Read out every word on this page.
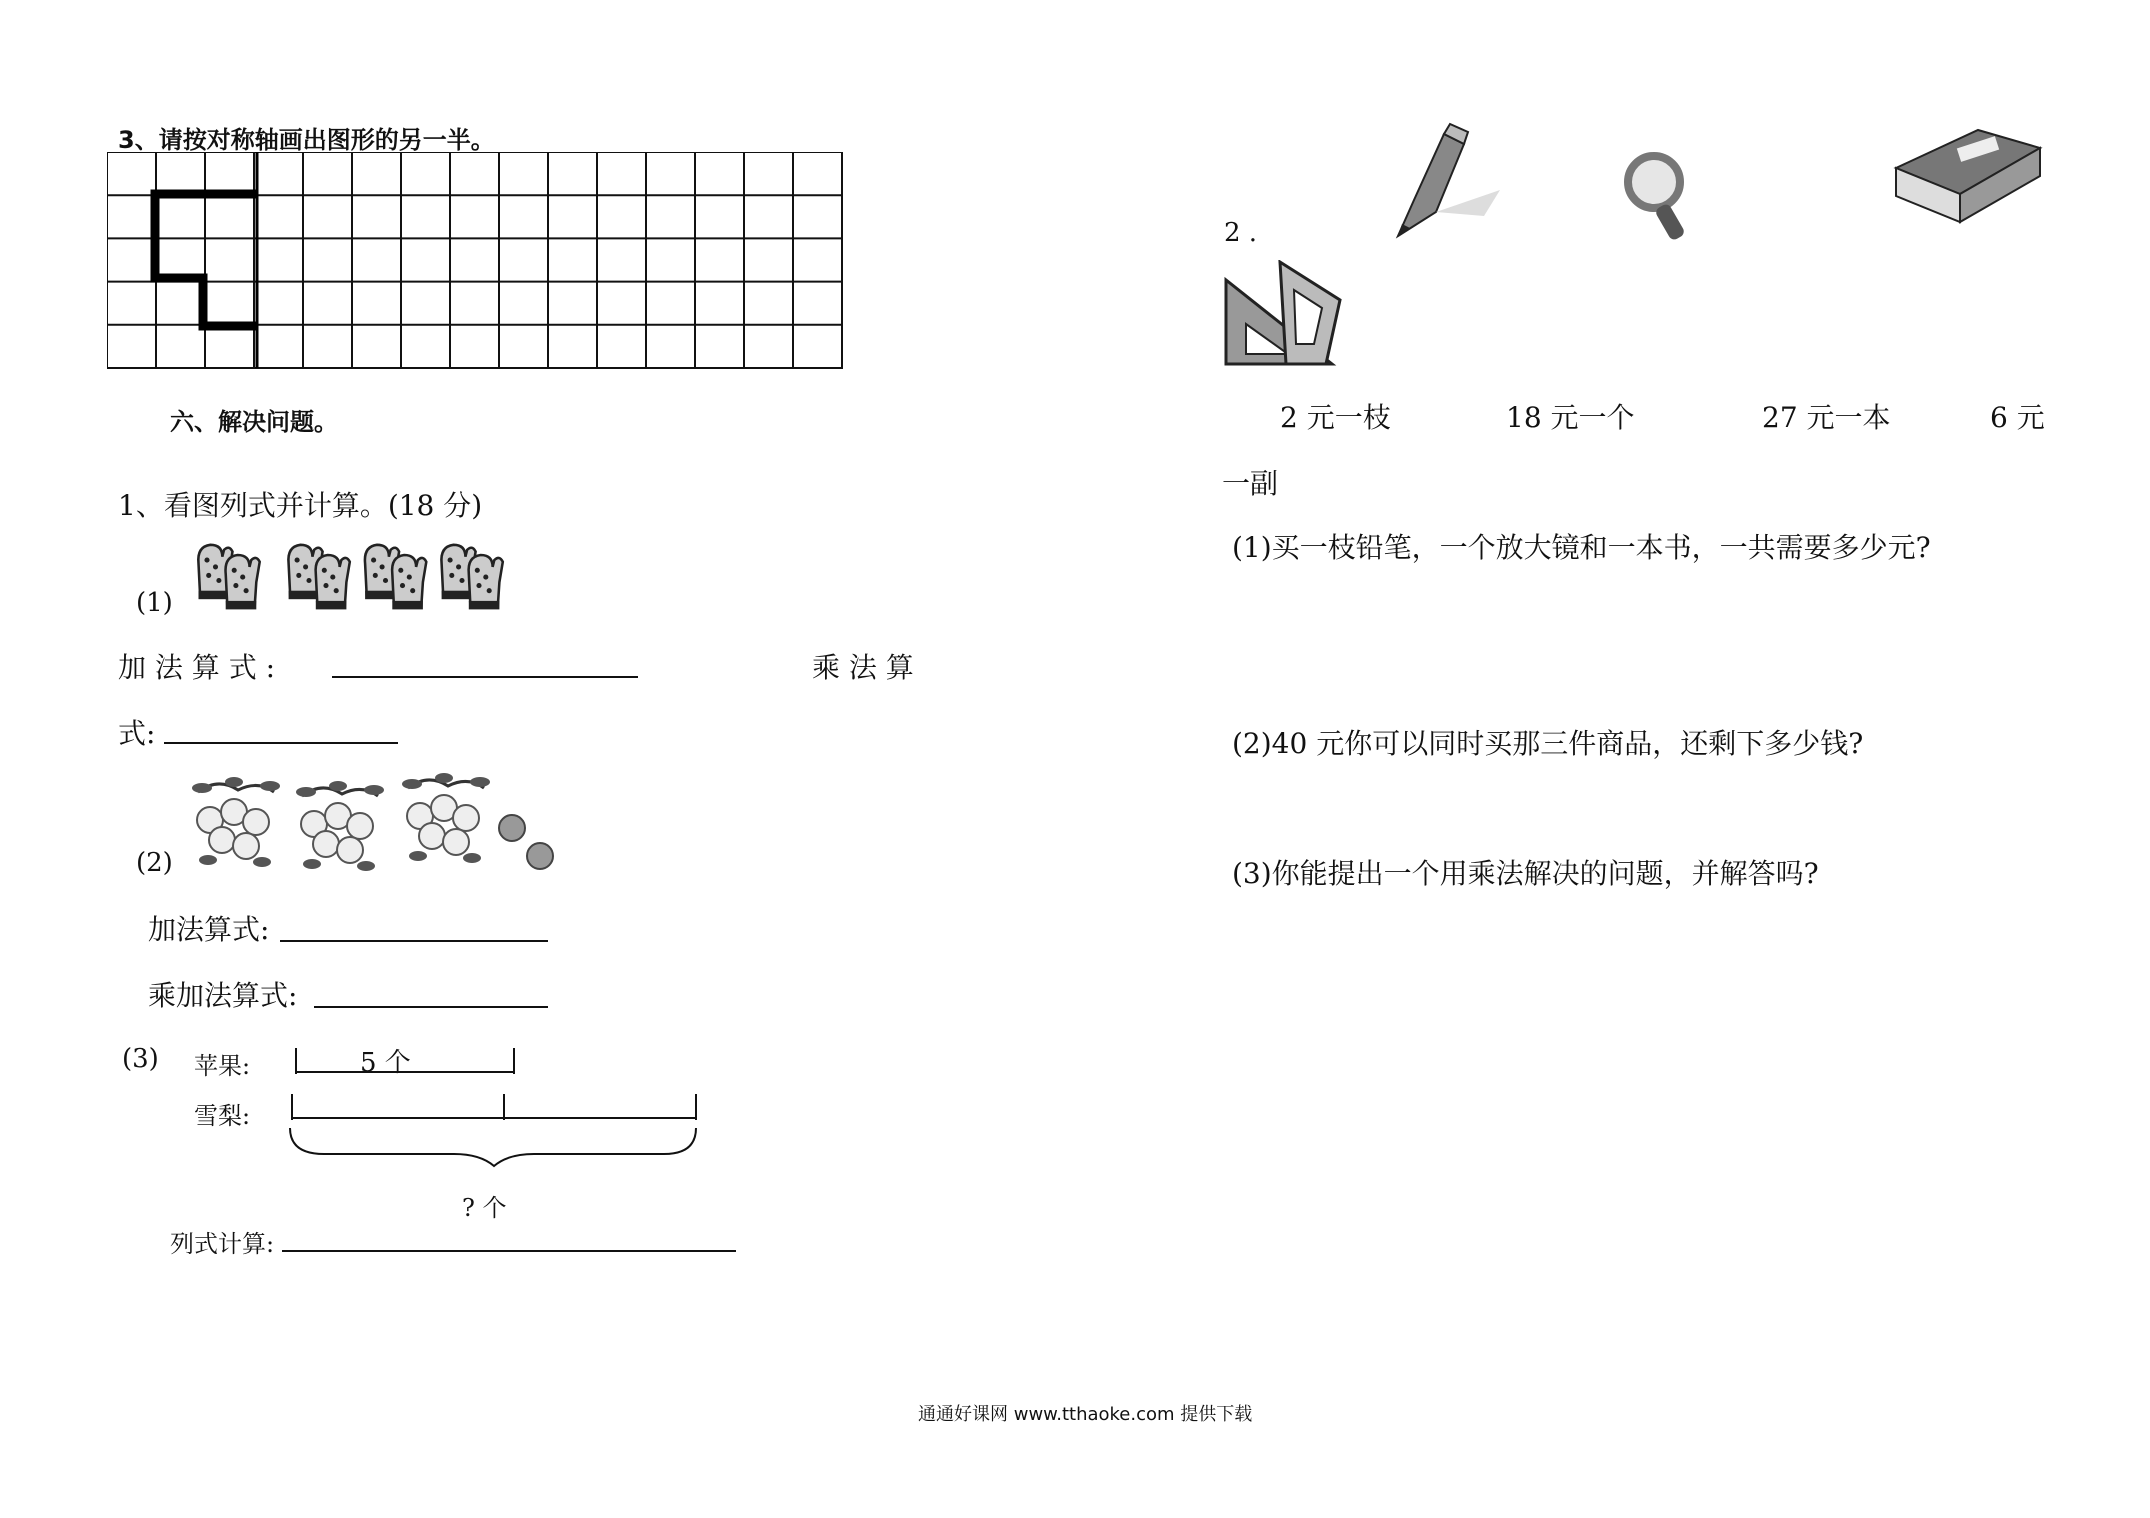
3、请按对称轴画出图形的另一半。
六、解决问题。
1、看图列式并计算。(18 分)
(1)
加 法 算 式 :	乘 法 算
式:
(2)
加法算式:
乘加法算式:
(3) 苹果:	5 个
雪梨:
? 个
列式计算:
2 .
2 元一枝	18 元一个	27 元一本	6 元
一副
(1)买一枝铅笔，一个放大镜和一本书，一共需要多少元?
(2)40 元你可以同时买那三件商品，还剩下多少钱?
(3)你能提出一个用乘法解决的问题，并解答吗?
通通好课网 www.tthaoke.com 提供下载
